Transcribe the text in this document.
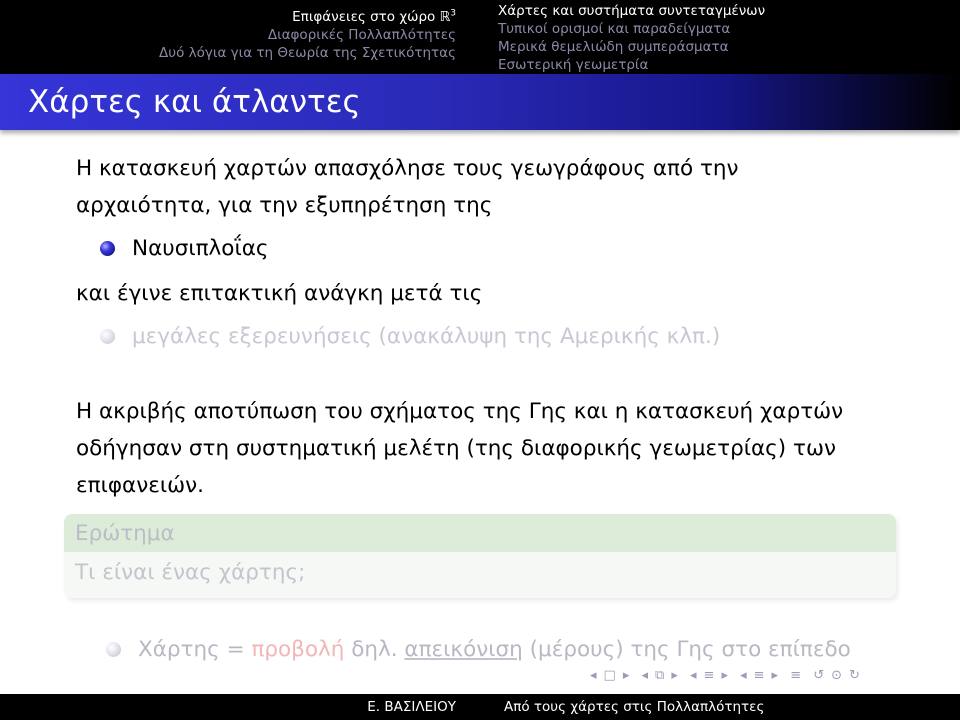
Επιφάνειες στο χώρο ℝ$^3$
Διαφορικές Πολλαπλότητες
Δυό λόγια για τη Θεωρία της Σχετικότητας
Χάρτες και συστήματα συντεταγμένων
Τυπικοί ορισμοί και παραδείγματα
Μερικά θεμελιώδη συμπεράσματα
Εσωτερική γεωμετρία
Χάρτες και άτλαντες
Η κατασκευή χαρτών απασχόλησε τους γεωγράφους από την
αρχαιότητα, για την εξυπηρέτηση της
Ναυσιπλοΐας
και έγινε επιτακτική ανάγκη μετά τις
μεγάλες εξερευνήσεις (ανακάλυψη της Αμερικής κλπ.)
Η ακριβής αποτύπωση του σχήματος της Γης και η κατασκευή χαρτών
οδήγησαν στη συστηματική μελέτη (της διαφορικής γεωμετρίας) των
επιφανειών.
Ερώτημα
Τι είναι ένας χάρτης;
Χάρτης = προβολή δηλ. απεικόνιση (μέρους) της Γης στο επίπεδο
◂ □ ▸ ◂ ⧉ ▸ ◂ ≡ ▸ ◂ ≡ ▸ ≡ ↺ ⊙ ↻
Ε. ΒΑΣΙΛΕΙΟΥ	Από τους χάρτες στις Πολλαπλότητες
